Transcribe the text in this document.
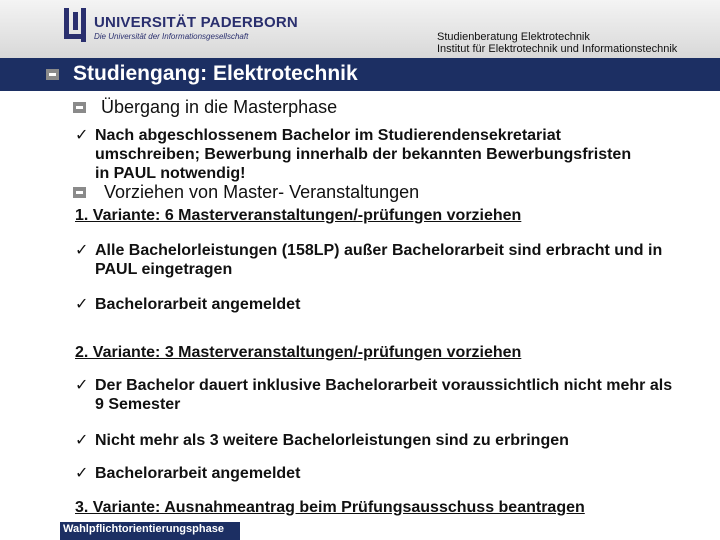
UNIVERSITÄT PADERBORN
Die Universität der Informationsgesellschaft	Studienberatung Elektrotechnik
Institut für Elektrotechnik und Informationstechnik
Studiengang: Elektrotechnik
Übergang in die Masterphase
✓ Nach abgeschlossenem Bachelor im Studierendensekretariat umschreiben; Bewerbung innerhalb der bekannten Bewerbungsfristen in PAUL notwendig!
Vorziehen von Master- Veranstaltungen
1. Variante: 6 Masterveranstaltungen/-prüfungen vorziehen
✓ Alle Bachelorleistungen (158LP) außer Bachelorarbeit sind erbracht und in PAUL eingetragen
✓ Bachelorarbeit angemeldet
2. Variante: 3 Masterveranstaltungen/-prüfungen vorziehen
✓ Der Bachelor dauert inklusive Bachelorarbeit voraussichtlich nicht mehr als 9 Semester
✓ Nicht mehr als 3 weitere Bachelorleistungen sind zu erbringen
✓ Bachelorarbeit angemeldet
3. Variante: Ausnahmeantrag beim Prüfungsausschuss beantragen
Wahlpflichtorientierungsphase
